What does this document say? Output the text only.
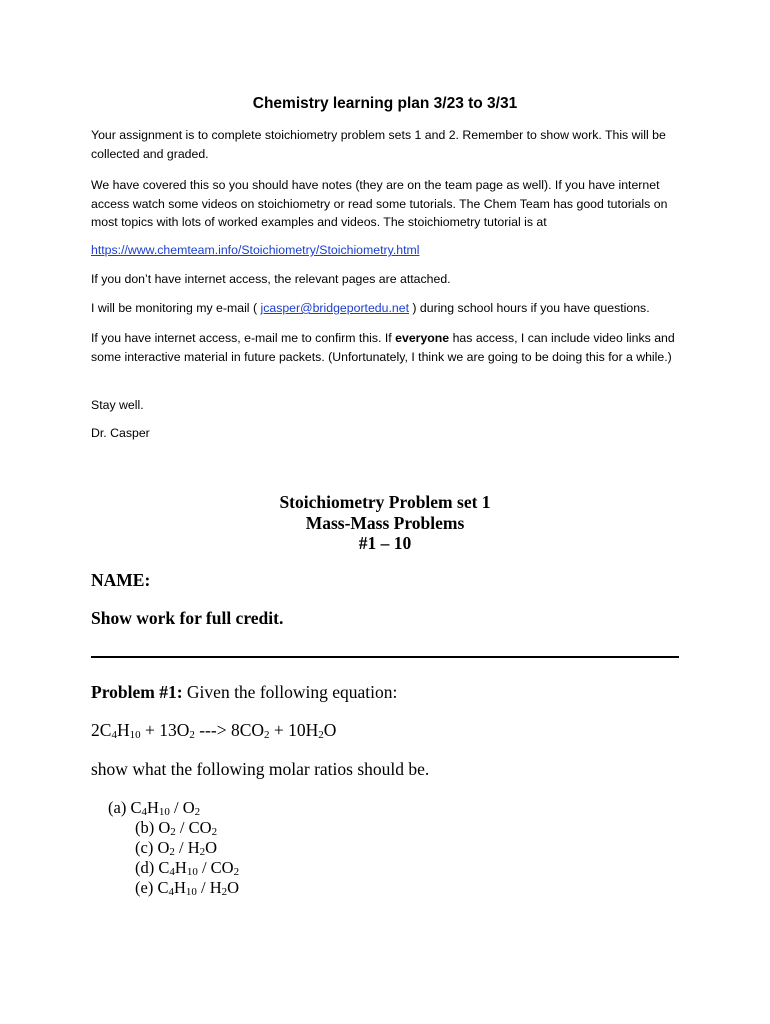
Chemistry learning plan 3/23 to 3/31

Your assignment is to complete stoichiometry problem sets 1 and 2. Remember to show work. This will be collected and graded.

We have covered this so you should have notes (they are on the team page as well). If you have internet access watch some videos on stoichiometry or read some tutorials. The Chem Team has good tutorials on most topics with lots of worked examples and videos. The stoichiometry tutorial is at

https://www.chemteam.info/Stoichiometry/Stoichiometry.html

If you don’t have internet access, the relevant pages are attached.

I will be monitoring my e-mail ( jcasper@bridgeportedu.net ) during school hours if you have questions.

If you have internet access, e-mail me to confirm this. If everyone has access, I can include video links and some interactive material in future packets. (Unfortunately, I think we are going to be doing this for a while.)

Stay well.

Dr. Casper

Stoichiometry Problem set 1
Mass-Mass Problems
#1 – 10
NAME:
Show work for full credit.
Problem #1: Given the following equation:
$2C_4H_{10} + 13O_2$ ---> $8CO_2 + 10H_2O$
show what the following molar ratios should be.
(a) $C_4H_{10} / O_2$
(b) $O_2 / CO_2$
(c) $O_2 / H_2O$
(d) $C_4H_{10} / CO_2$
(e) $C_4H_{10} / H_2O$
